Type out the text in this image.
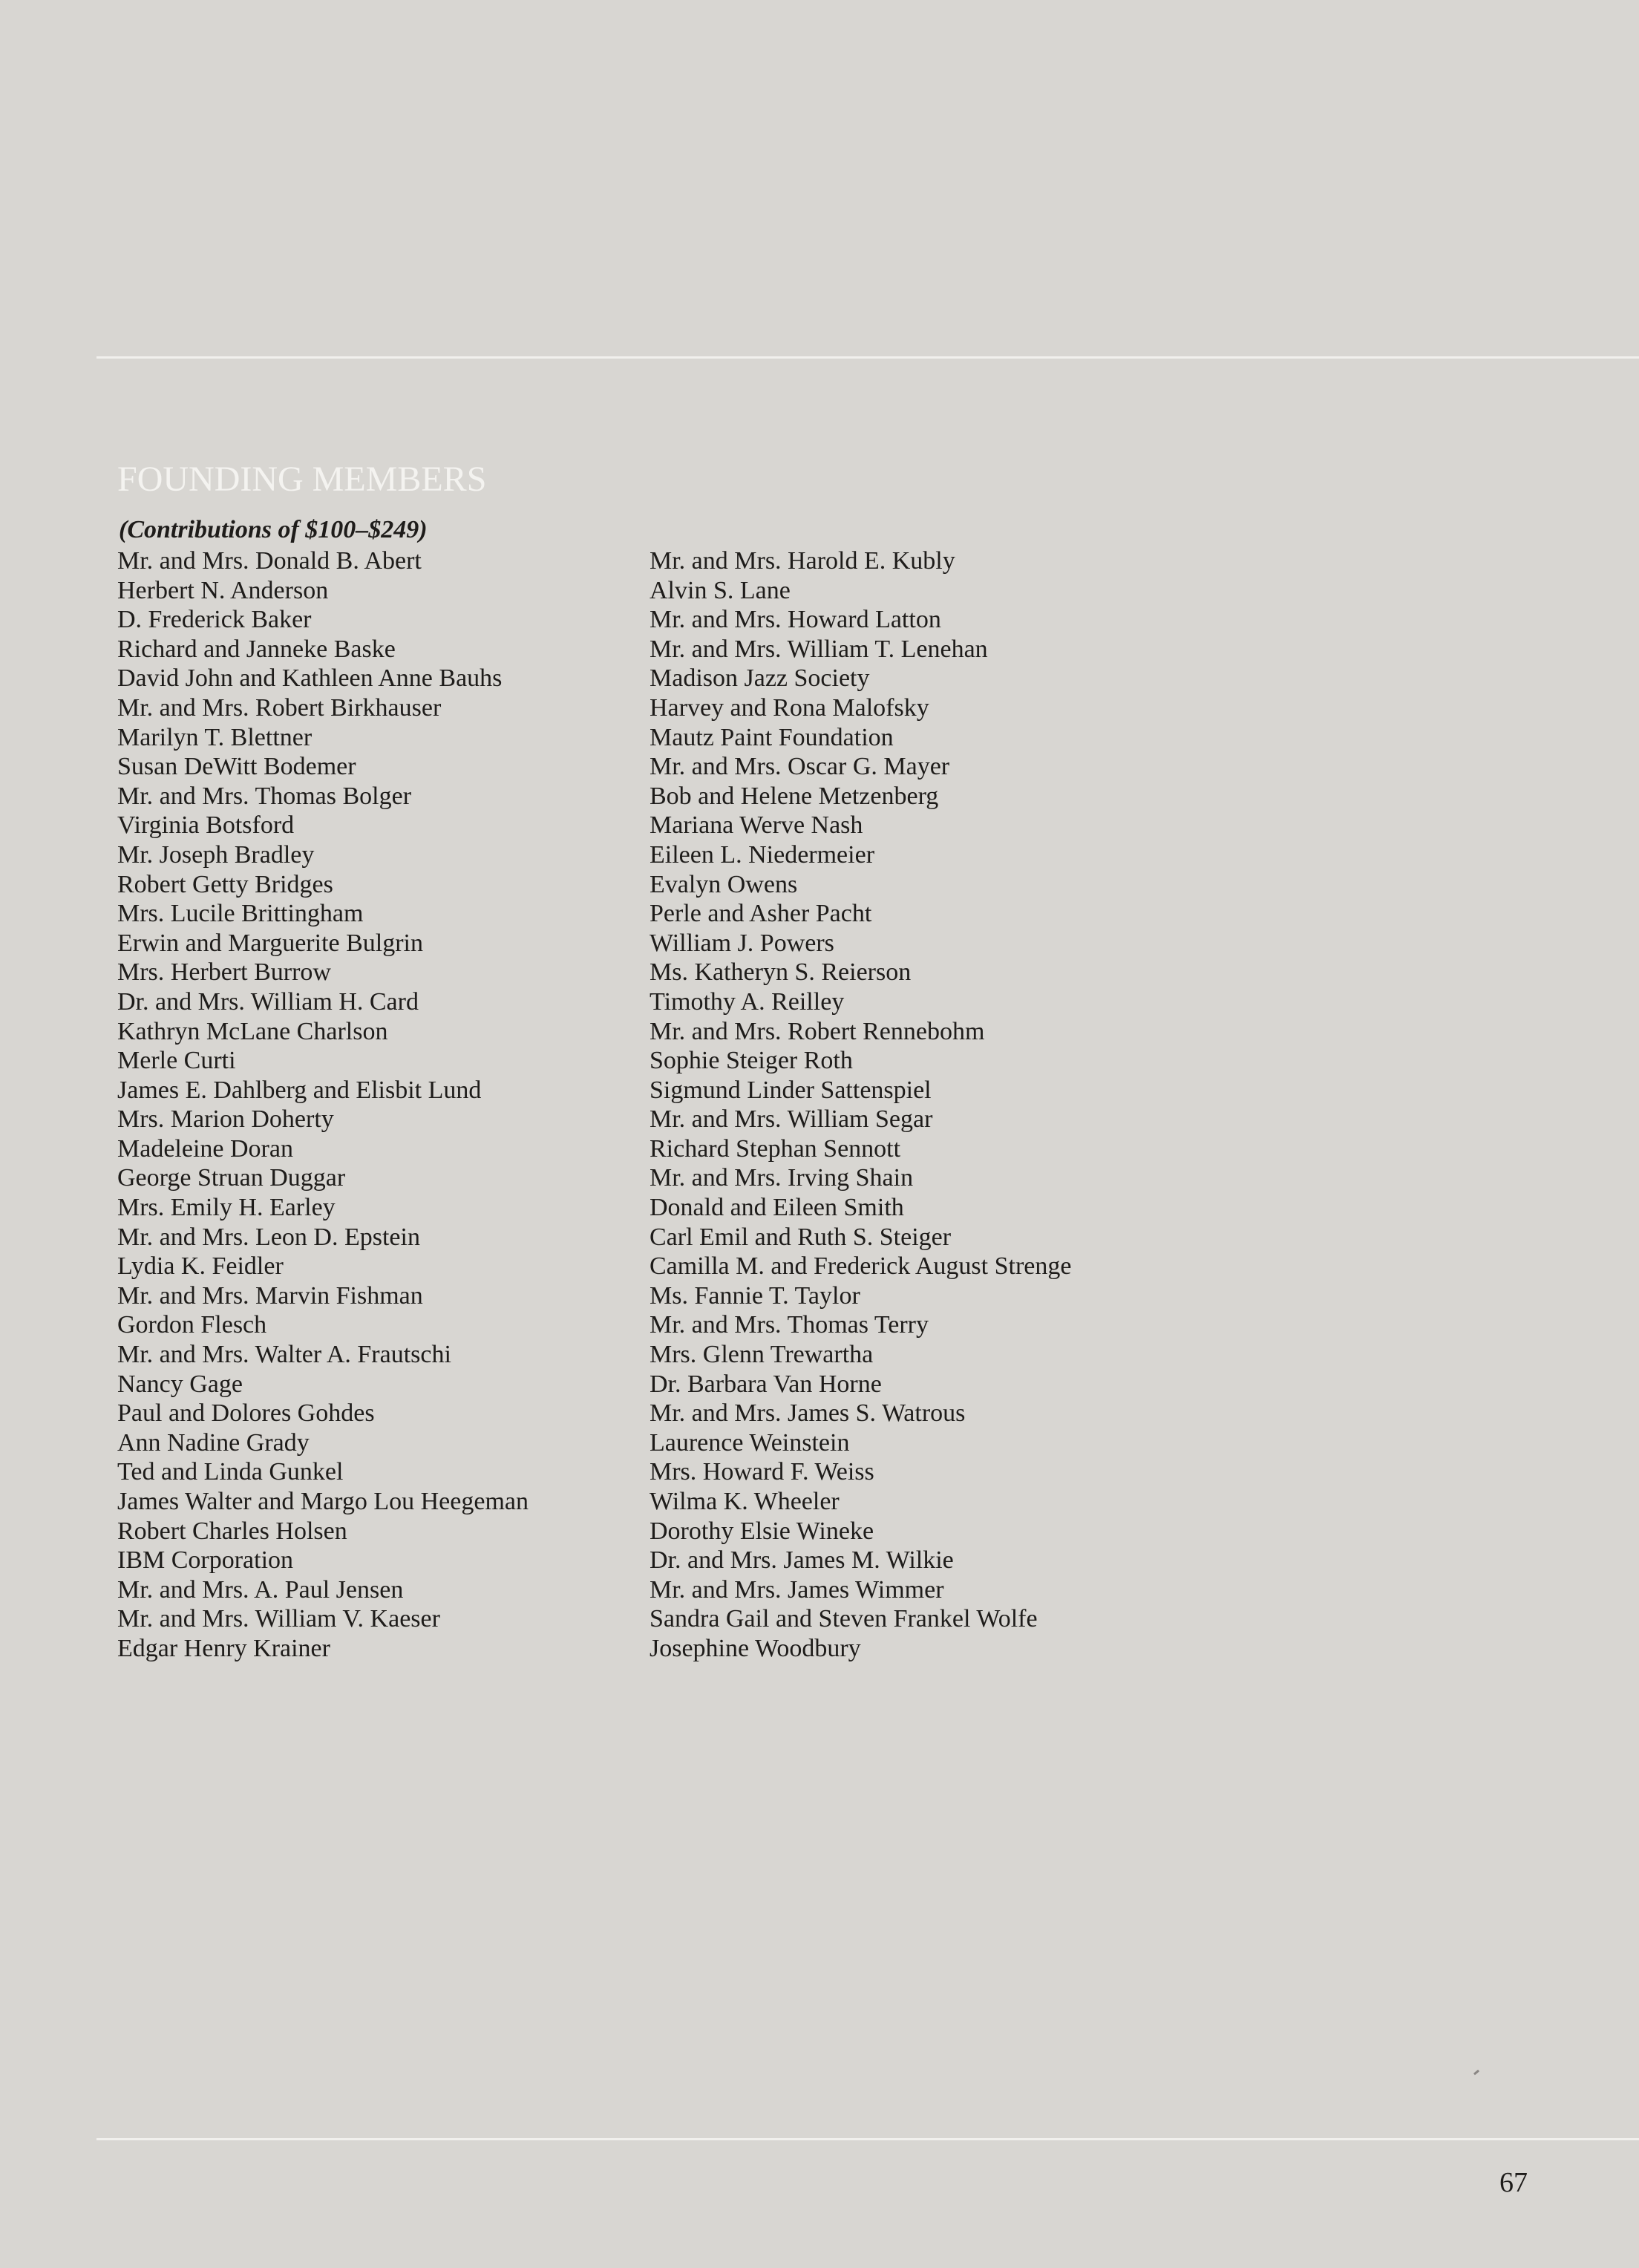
FOUNDING MEMBERS

(Contributions of $100–$249)

Mr. and Mrs. Donald B. Abert
Herbert N. Anderson
D. Frederick Baker
Richard and Janneke Baske
David John and Kathleen Anne Bauhs
Mr. and Mrs. Robert Birkhauser
Marilyn T. Blettner
Susan DeWitt Bodemer
Mr. and Mrs. Thomas Bolger
Virginia Botsford
Mr. Joseph Bradley
Robert Getty Bridges
Mrs. Lucile Brittingham
Erwin and Marguerite Bulgrin
Mrs. Herbert Burrow
Dr. and Mrs. William H. Card
Kathryn McLane Charlson
Merle Curti
James E. Dahlberg and Elisbit Lund
Mrs. Marion Doherty
Madeleine Doran
George Struan Duggar
Mrs. Emily H. Earley
Mr. and Mrs. Leon D. Epstein
Lydia K. Feidler
Mr. and Mrs. Marvin Fishman
Gordon Flesch
Mr. and Mrs. Walter A. Frautschi
Nancy Gage
Paul and Dolores Gohdes
Ann Nadine Grady
Ted and Linda Gunkel
James Walter and Margo Lou Heegeman
Robert Charles Holsen
IBM Corporation
Mr. and Mrs. A. Paul Jensen
Mr. and Mrs. William V. Kaeser
Edgar Henry Krainer
Mr. and Mrs. Harold E. Kubly
Alvin S. Lane
Mr. and Mrs. Howard Latton
Mr. and Mrs. William T. Lenehan
Madison Jazz Society
Harvey and Rona Malofsky
Mautz Paint Foundation
Mr. and Mrs. Oscar G. Mayer
Bob and Helene Metzenberg
Mariana Werve Nash
Eileen L. Niedermeier
Evalyn Owens
Perle and Asher Pacht
William J. Powers
Ms. Katheryn S. Reierson
Timothy A. Reilley
Mr. and Mrs. Robert Rennebohm
Sophie Steiger Roth
Sigmund Linder Sattenspiel
Mr. and Mrs. William Segar
Richard Stephan Sennott
Mr. and Mrs. Irving Shain
Donald and Eileen Smith
Carl Emil and Ruth S. Steiger
Camilla M. and Frederick August Strenge
Ms. Fannie T. Taylor
Mr. and Mrs. Thomas Terry
Mrs. Glenn Trewartha
Dr. Barbara Van Horne
Mr. and Mrs. James S. Watrous
Laurence Weinstein
Mrs. Howard F. Weiss
Wilma K. Wheeler
Dorothy Elsie Wineke
Dr. and Mrs. James M. Wilkie
Mr. and Mrs. James Wimmer
Sandra Gail and Steven Frankel Wolfe
Josephine Woodbury
67
